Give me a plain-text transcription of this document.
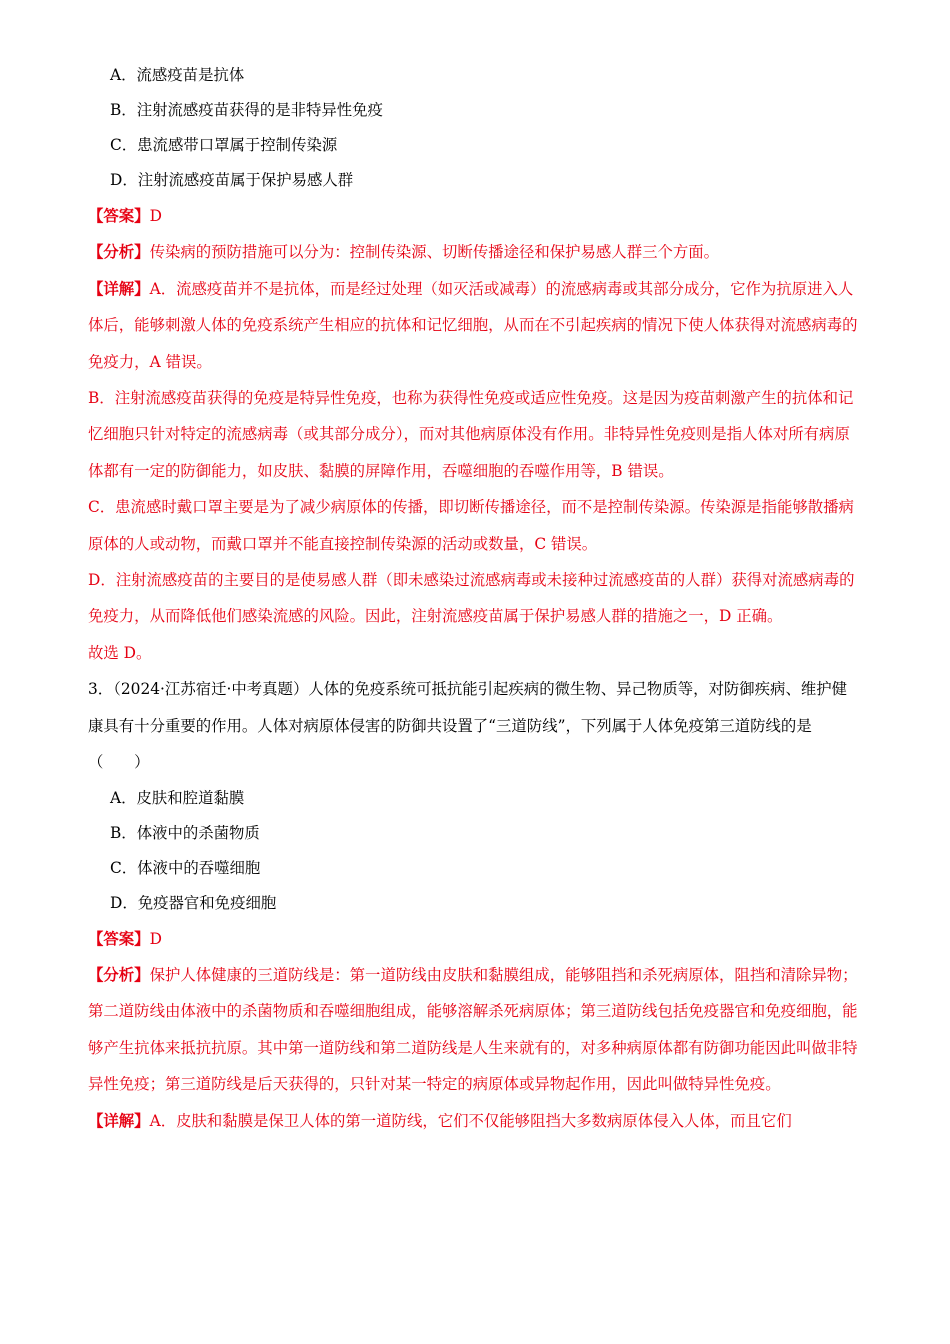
A．流感疫苗是抗体
B．注射流感疫苗获得的是非特异性免疫
C．患流感带口罩属于控制传染源
D．注射流感疫苗属于保护易感人群
【答案】D
【分析】传染病的预防措施可以分为：控制传染源、切断传播途径和保护易感人群三个方面。
【详解】A．流感疫苗并不是抗体，而是经过处理（如灭活或减毒）的流感病毒或其部分成分，它作为抗原进入人体后，能够刺激人体的免疫系统产生相应的抗体和记忆细胞，从而在不引起疾病的情况下使人体获得对流感病毒的免疫力，A 错误。
B．注射流感疫苗获得的免疫是特异性免疫，也称为获得性免疫或适应性免疫。这是因为疫苗刺激产生的抗体和记忆细胞只针对特定的流感病毒（或其部分成分），而对其他病原体没有作用。非特异性免疫则是指人体对所有病原体都有一定的防御能力，如皮肤、黏膜的屏障作用，吞噬细胞的吞噬作用等，B 错误。
C．患流感时戴口罩主要是为了减少病原体的传播，即切断传播途径，而不是控制传染源。传染源是指能够散播病原体的人或动物，而戴口罩并不能直接控制传染源的活动或数量，C 错误。
D．注射流感疫苗的主要目的是使易感人群（即未感染过流感病毒或未接种过流感疫苗的人群）获得对流感病毒的免疫力，从而降低他们感染流感的风险。因此，注射流感疫苗属于保护易感人群的措施之一，D 正确。
故选 D。
3．（2024·江苏宿迁·中考真题）人体的免疫系统可抵抗能引起疾病的微生物、异己物质等，对防御疾病、维护健康具有十分重要的作用。人体对病原体侵害的防御共设置了“三道防线”，下列属于人体免疫第三道防线的是（　　）
A．皮肤和腔道黏膜
B．体液中的杀菌物质
C．体液中的吞噬细胞
D．免疫器官和免疫细胞
【答案】D
【分析】保护人体健康的三道防线是：第一道防线由皮肤和黏膜组成，能够阻挡和杀死病原体，阻挡和清除异物；第二道防线由体液中的杀菌物质和吞噬细胞组成，能够溶解杀死病原体；第三道防线包括免疫器官和免疫细胞，能够产生抗体来抵抗抗原。其中第一道防线和第二道防线是人生来就有的，对多种病原体都有防御功能因此叫做非特异性免疫；第三道防线是后天获得的，只针对某一特定的病原体或异物起作用，因此叫做特异性免疫。
【详解】A．皮肤和黏膜是保卫人体的第一道防线，它们不仅能够阻挡大多数病原体侵入人体，而且它们
